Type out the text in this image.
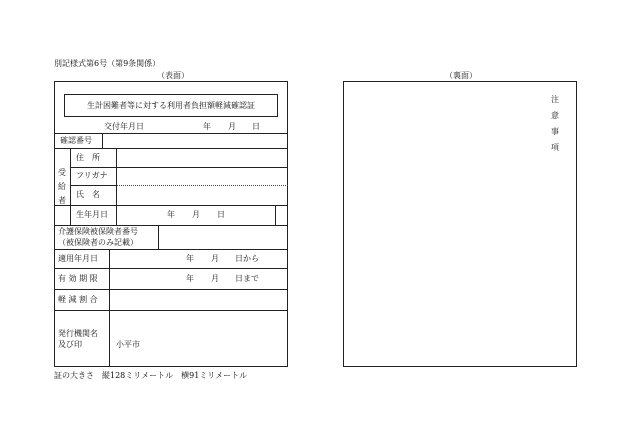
別記様式第6号（第9条関係）
（表面）	（裏面）
生計困難者等に対する利用者負担額軽減確認証
交付年月日	年 月 日
確認番号
受給者
住　所
フリガナ
氏　名
生年月日	年 月 日
介護保険被保険者番号
（被保険者のみ記載）
適用年月日	年 月 日から
有 効 期 限	年 月 日まで
軽 減 割 合
発行機関名
及び印	小平市
証の大きさ　縦128ミリメートル　横91ミリメートル
注意事項
